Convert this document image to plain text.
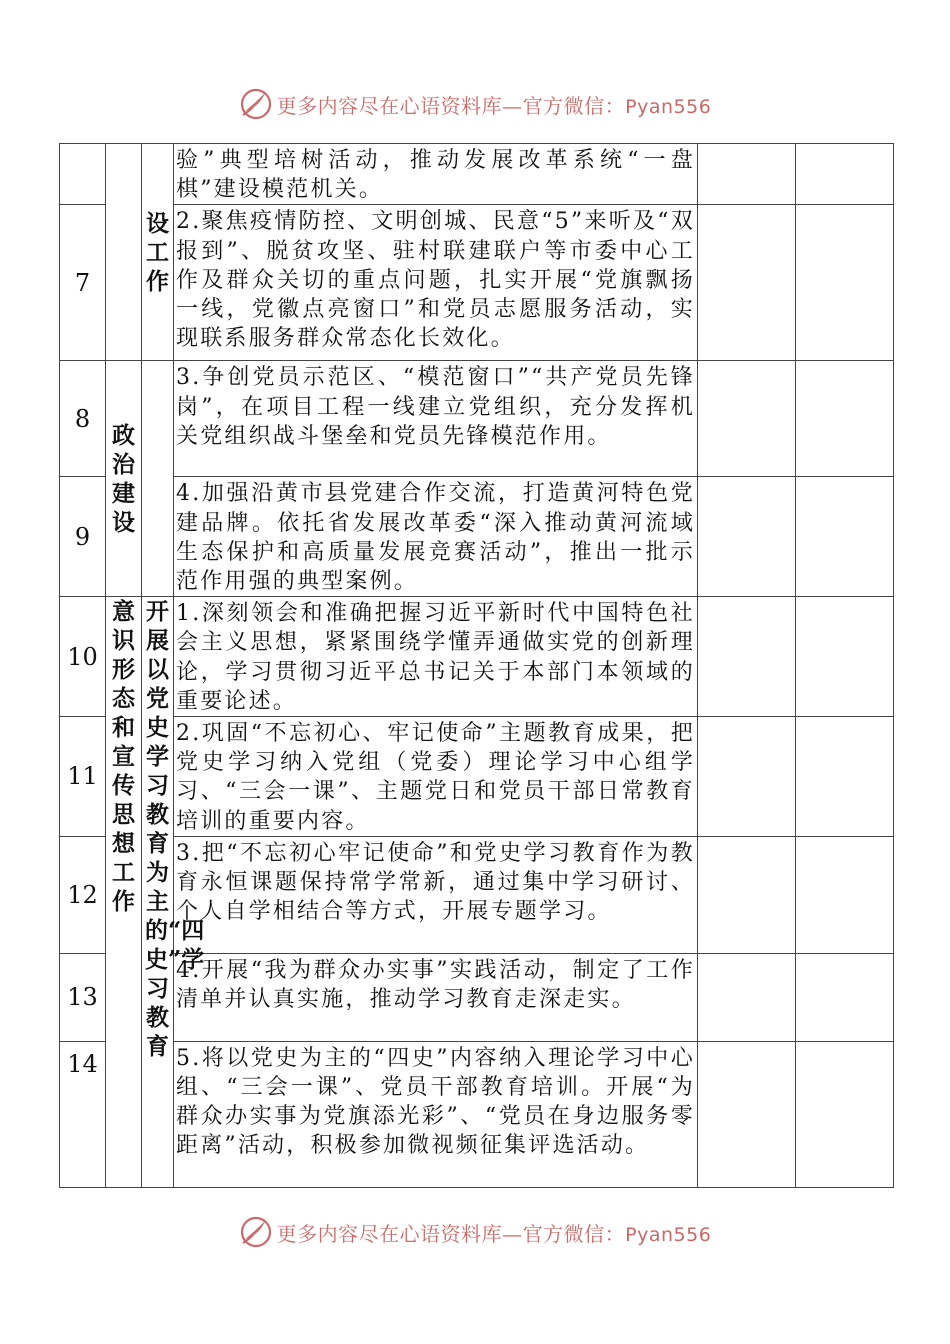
更多内容尽在心语资料库—官方微信：Pyan556

		设工作	验”典型培树活动，推动发展改革系统“一盘棋”建设模范机关。		

7			2.聚焦疫情防控、文明创城、民意“5”来听及“双报到”、脱贫攻坚、驻村联建联户等市委中心工作及群众关切的重点问题，扎实开展“党旗飘扬一线，党徽点亮窗口”和党员志愿服务活动，实现联系服务群众常态化长效化。		

8	政治建设		3.争创党员示范区、“模范窗口”“共产党员先锋岗”，在项目工程一线建立党组织，充分发挥机关党组织战斗堡垒和党员先锋模范作用。		

9			4.加强沿黄市县党建合作交流，打造黄河特色党建品牌。依托省发展改革委“深入推动黄河流域生态保护和高质量发展竞赛活动”，推出一批示范作用强的典型案例。		

10	意识形态和宣传思想工作	开展以党史学习教育为主的“四史”学习教育	1.深刻领会和准确把握习近平新时代中国特色社会主义思想，紧紧围绕学懂弄通做实党的创新理论，学习贯彻习近平总书记关于本部门本领域的重要论述。		

11			2.巩固“不忘初心、牢记使命”主题教育成果，把党史学习纳入党组（党委）理论学习中心组学习、“三会一课”、主题党日和党员干部日常教育培训的重要内容。		

12			3.把“不忘初心牢记使命”和党史学习教育作为教育永恒课题保持常学常新，通过集中学习研讨、个人自学相结合等方式，开展专题学习。		

13			4.开展“我为群众办实事”实践活动，制定了工作清单并认真实施，推动学习教育走深走实。		

14			5.将以党史为主的“四史”内容纳入理论学习中心组、“三会一课”、党员干部教育培训。开展“为群众办实事为党旗添光彩”、“党员在身边服务零距离”活动，积极参加微视频征集评选活动。		

更多内容尽在心语资料库—官方微信：Pyan556
